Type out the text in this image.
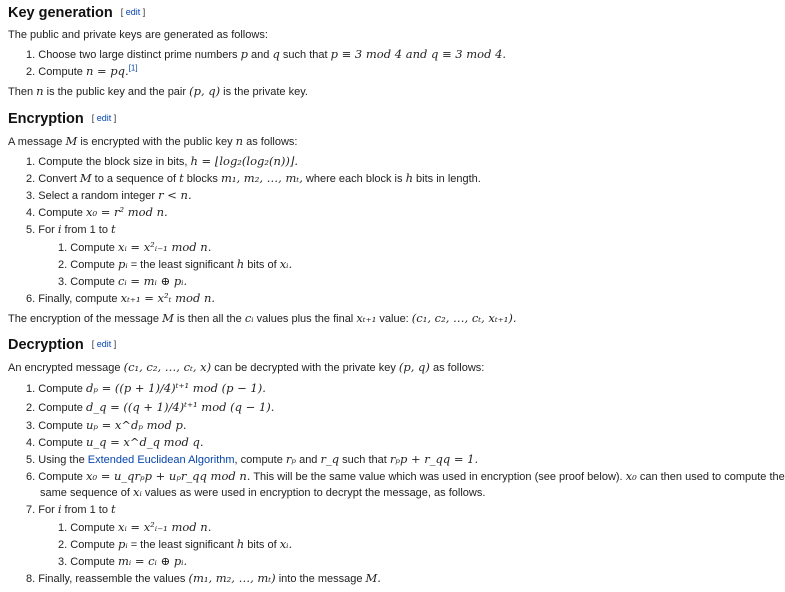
Key generation [ edit ]
The public and private keys are generated as follows:
1. Choose two large distinct prime numbers p and q such that p ≡ 3 mod 4 and q ≡ 3 mod 4.
2. Compute n = pq.[1]
Then n is the public key and the pair (p, q) is the private key.
Encryption [ edit ]
A message M is encrypted with the public key n as follows:
1. Compute the block size in bits, h = ⌊log₂(log₂(n))⌋.
2. Convert M to a sequence of t blocks m₁, m₂, …, mₜ, where each block is h bits in length.
3. Select a random integer r < n.
4. Compute x₀ = r² mod n.
5. For i from 1 to t
1. Compute xᵢ = x²ᵢ₋₁ mod n.
2. Compute pᵢ = the least significant h bits of xᵢ.
3. Compute cᵢ = mᵢ ⊕ pᵢ.
6. Finally, compute xₜ₊₁ = x²ₜ mod n.
The encryption of the message M is then all the cᵢ values plus the final xₜ₊₁ value: (c₁, c₂, …, cₜ, xₜ₊₁).
Decryption [ edit ]
An encrypted message (c₁, c₂, …, cₜ, x) can be decrypted with the private key (p, q) as follows:
1. Compute dₚ = ((p + 1)/4)ᵗ⁺¹ mod (p − 1).
2. Compute d_q = ((q + 1)/4)ᵗ⁺¹ mod (q − 1).
3. Compute uₚ = x^dₚ mod p.
4. Compute u_q = x^d_q mod q.
5. Using the Extended Euclidean Algorithm, compute rₚ and r_q such that rₚp + r_qq = 1.
6. Compute x₀ = u_qrₚp + uₚr_qq mod n. This will be the same value which was used in encryption (see proof below). x₀ can then used to compute the
same sequence of xᵢ values as were used in encryption to decrypt the message, as follows.
7. For i from 1 to t
1. Compute xᵢ = x²ᵢ₋₁ mod n.
2. Compute pᵢ = the least significant h bits of xᵢ.
3. Compute mᵢ = cᵢ ⊕ pᵢ.
8. Finally, reassemble the values (m₁, m₂, …, mₜ) into the message M.
